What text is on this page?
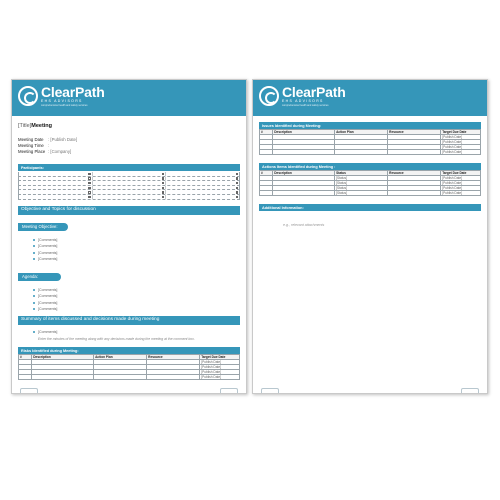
ClearPath
EHS ADVISORS
comprehensive health and safety services
[Title]Meeting
Meeting Date	: [Publish Date]
Meeting Time :
Meeting Place : [Company]
Participants:
Objective and Topics for discussion
Meeting Objective:
[Comments]
[Comments]
[Comments]
[Comments]
Agenda:
[Comments]
[Comments]
[Comments]
[Comments]
Summary of items discussed and decisions made during meeting
[Comments]
Enter the minutes of the meeting along with any decisions made during the meeting at the comment box.
Risks Identified during Meeting:
#	Description	Action Plan	Resource	Target Due Date
				[Publish Date]
				[Publish Date]
				[Publish Date]
				[Publish Date]
ClearPath
EHS ADVISORS
comprehensive health and safety services
Issues Identified during Meeting:
#	Description	Action Plan	Resource	Target Due Date
				[Publish Date]
				[Publish Date]
				[Publish Date]
				[Publish Date]
Actions Items Identified during Meeting :
#	Description	Status	Resource	Target Due Date
		[Status]		[Publish Date]
		[Status]		[Publish Date]
		[Status]		[Publish Date]
		[Status]		[Publish Date]
Additional Information:
e.g., relevant attachments
